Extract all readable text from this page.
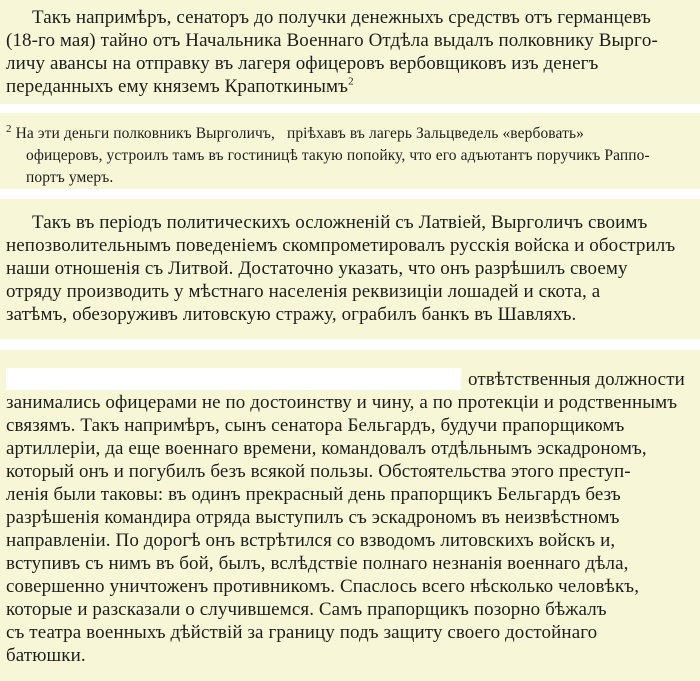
Такъ напримѣръ, сенаторъ до получки денежныхъ средствъ отъ германцевъ

(18-го мая) тайно отъ Начальника Военнаго Отдѣла выдалъ полковнику Выргo-

личу авансы на отправку въ лагеря офицеровъ вербовщиковъ изъ денегъ

переданныхъ ему княземъ Крапоткинымъ$^2$

$^2$ На эти деньги полковникъ Выргoличъ,   пріѣхавъ въ лагерь Зальцведель «вербовать»

офицеровъ, устроилъ тамъ въ гостиницѣ такую попойку, что его адъютантъ поручикъ Раппо-

портъ умеръ.

Такъ въ періодъ политическихъ осложненій съ Латвіей, Выргoличъ своимъ

непозволительнымъ поведеніемъ скомпрометировалъ русскія войска и обострилъ

наши отношенія съ Литвой. Достаточно указать, что онъ разрѣшилъ своему

отряду производить у мѣстнаго населенія реквизиціи лошадей и скота, а

затѣмъ, обезоруживъ литовскую стражу, ограбилъ банкъ въ Шавляхъ.

отвѣтственныя должности

занимались офицерами не по достоинству и чину, а по протекціи и родственнымъ

связямъ. Такъ напримѣръ, сынъ сенатора Бельгардъ, будучи прапорщикомъ

артиллеріи, да еще военнаго времени, командовалъ отдѣльнымъ эскадрономъ,

который онъ и погубилъ безъ всякой пользы. Обстоятельства этого преступ-

ленія были таковы: въ одинъ прекрасный день прапорщикъ Бельгардъ безъ

разрѣшенія командира отряда выступилъ съ эскадрономъ въ неизвѣстномъ

направленіи. По дорогѣ онъ встрѣтился со взводомъ литовскихъ войскъ и,

вступивъ съ нимъ въ бой, былъ, вслѣдствіе полнаго незнанія военнаго дѣла,

совершенно уничтоженъ противникомъ. Спаслось всего нѣсколько человѣкъ,

которые и разсказали о случившемся. Самъ прапорщикъ позорно бѣжалъ

съ театра военныхъ дѣйствій за границу подъ защиту своего достойнаго

батюшки.
